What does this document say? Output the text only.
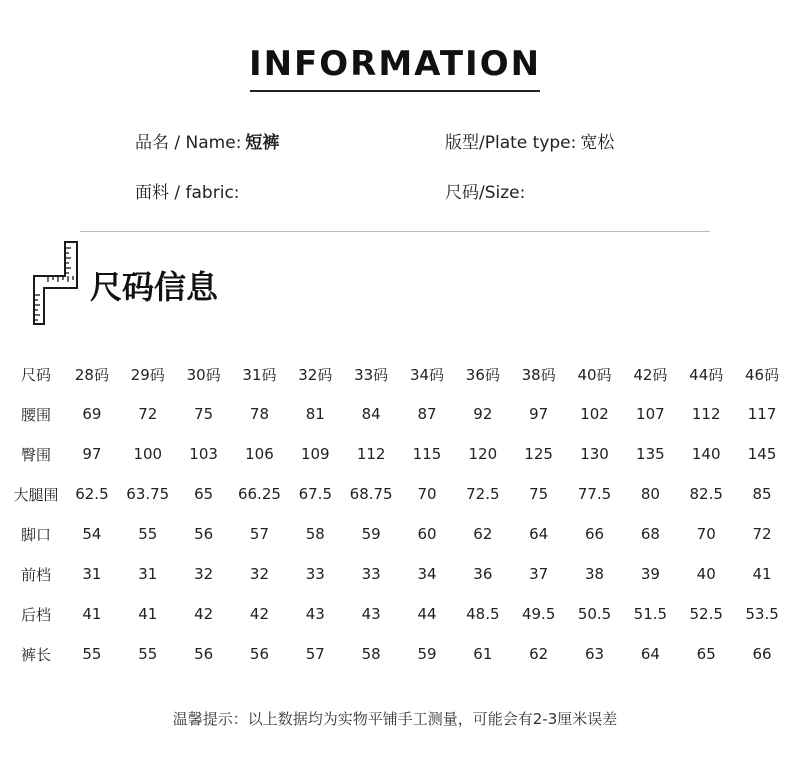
INFORMATION
品名 / Name: 短裤	版型/Plate type: 宽松
面料 / fabric:	尺码/Size:
尺码信息
尺码	28码	29码	30码	31码	32码	33码	34码	36码	38码	40码	42码	44码	46码
腰围	69	72	75	78	81	84	87	92	97	102	107	112	117
臀围	97	100	103	106	109	112	115	120	125	130	135	140	145
大腿围	62.5	63.75	65	66.25	67.5	68.75	70	72.5	75	77.5	80	82.5	85
脚口	54	55	56	57	58	59	60	62	64	66	68	70	72
前档	31	31	32	32	33	33	34	36	37	38	39	40	41
后档	41	41	42	42	43	43	44	48.5	49.5	50.5	51.5	52.5	53.5
裤长	55	55	56	56	57	58	59	61	62	63	64	65	66
温馨提示：以上数据均为实物平铺手工测量，可能会有2-3厘米误差
